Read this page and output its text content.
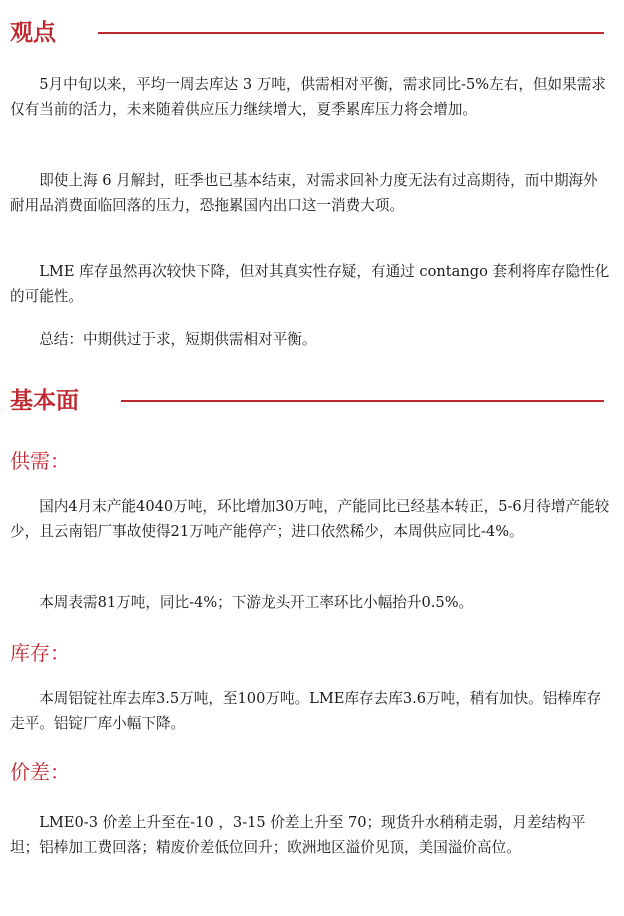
观点

5月中旬以来，平均一周去库达 3 万吨，供需相对平衡，需求同比-5%左右，但如果需求仅有当前的活力，未来随着供应压力继续增大，夏季累库压力将会增加。

即使上海 6 月解封，旺季也已基本结束，对需求回补力度无法有过高期待，而中期海外耐用品消费面临回落的压力，恐拖累国内出口这一消费大项。

LME 库存虽然再次较快下降，但对其真实性存疑，有通过 contango 套利将库存隐性化的可能性。

总结：中期供过于求，短期供需相对平衡。

基本面
供需：

国内4月末产能4040万吨，环比增加30万吨，产能同比已经基本转正，5-6月待增产能较少，且云南铝厂事故使得21万吨产能停产；进口依然稀少，本周供应同比-4%。

本周表需81万吨，同比-4%；下游龙头开工率环比小幅抬升0.5%。

库存：

本周铝锭社库去库3.5万吨，至100万吨。LME库存去库3.6万吨，稍有加快。铝棒库存走平。铝锭厂库小幅下降。

价差：

LME0-3 价差上升至在-10 ，3-15 价差上升至 70；现货升水稍稍走弱，月差结构平坦；铝棒加工费回落；精废价差低位回升；欧洲地区溢价见顶，美国溢价高位。
